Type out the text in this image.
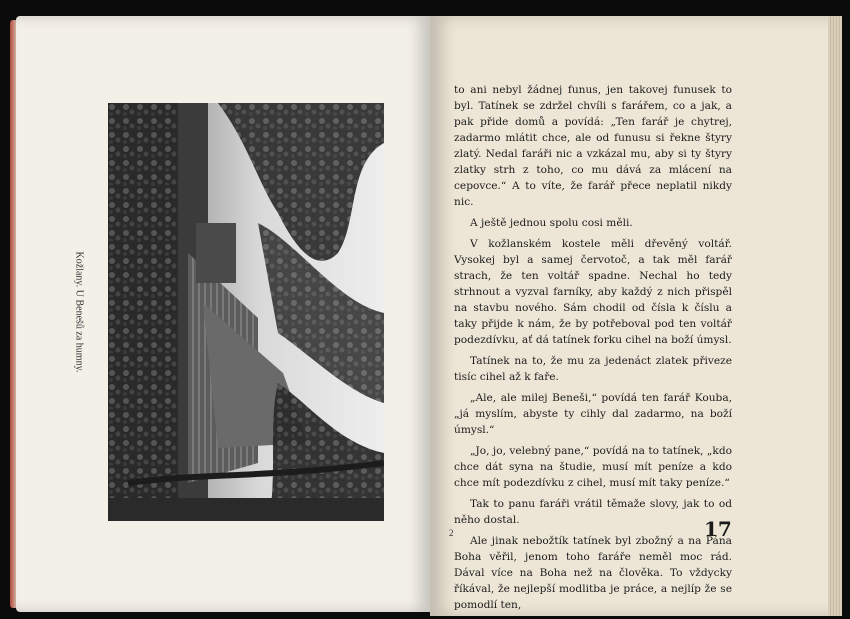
Kožlany. U Benešů za humny.

to ani nebyl žádnej funus, jen takovej funusek to byl. Tatínek se zdržel chvíli s farářem, co a jak, a pak přide domů a povídá: „Ten farář je chytrej, zadarmo mlátit chce, ale od funusu si řekne štyry zlatý. Nedal faráři nic a vzkázal mu, aby si ty štyry zlatky strh z toho, co mu dává za mlácení na cepovce.“ A to víte, že farář přece neplatil nikdy nic.

A ještě jednou spolu cosi měli.

V kožlanském kostele měli dřevěný voltář. Vysokej byl a samej červotoč, a tak měl farář strach, že ten voltář spadne. Nechal ho tedy strhnout a vyzval farníky, aby každý z nich přispěl na stavbu nového. Sám chodil od čísla k číslu a taky přijde k nám, že by potřeboval pod ten voltář podezdívku, ať dá tatínek forku cihel na boží úmysl.

Tatínek na to, že mu za jedenáct zlatek přiveze tisíc cihel až k faře.

„Ale, ale milej Beneši,“ povídá ten farář Kouba, „já myslím, abyste ty cihly dal zadarmo, na boží úmysl.“

„Jo, jo, velebný pane,“ povídá na to tatínek, „kdo chce dát syna na študie, musí mít peníze a kdo chce mít podezdívku z cihel, musí mít taky peníze.“

Tak to panu faráři vrátil těmaže slovy, jak to od něho dostal.

Ale jinak nebožtík tatínek byl zbožný a na Pána Boha věřil, jenom toho faráře neměl moc rád. Dával více na Boha než na člověka. To vždycky říkával, že nejlepší modlitba je práce, a nejlíp že se pomodlí ten,

2	17
